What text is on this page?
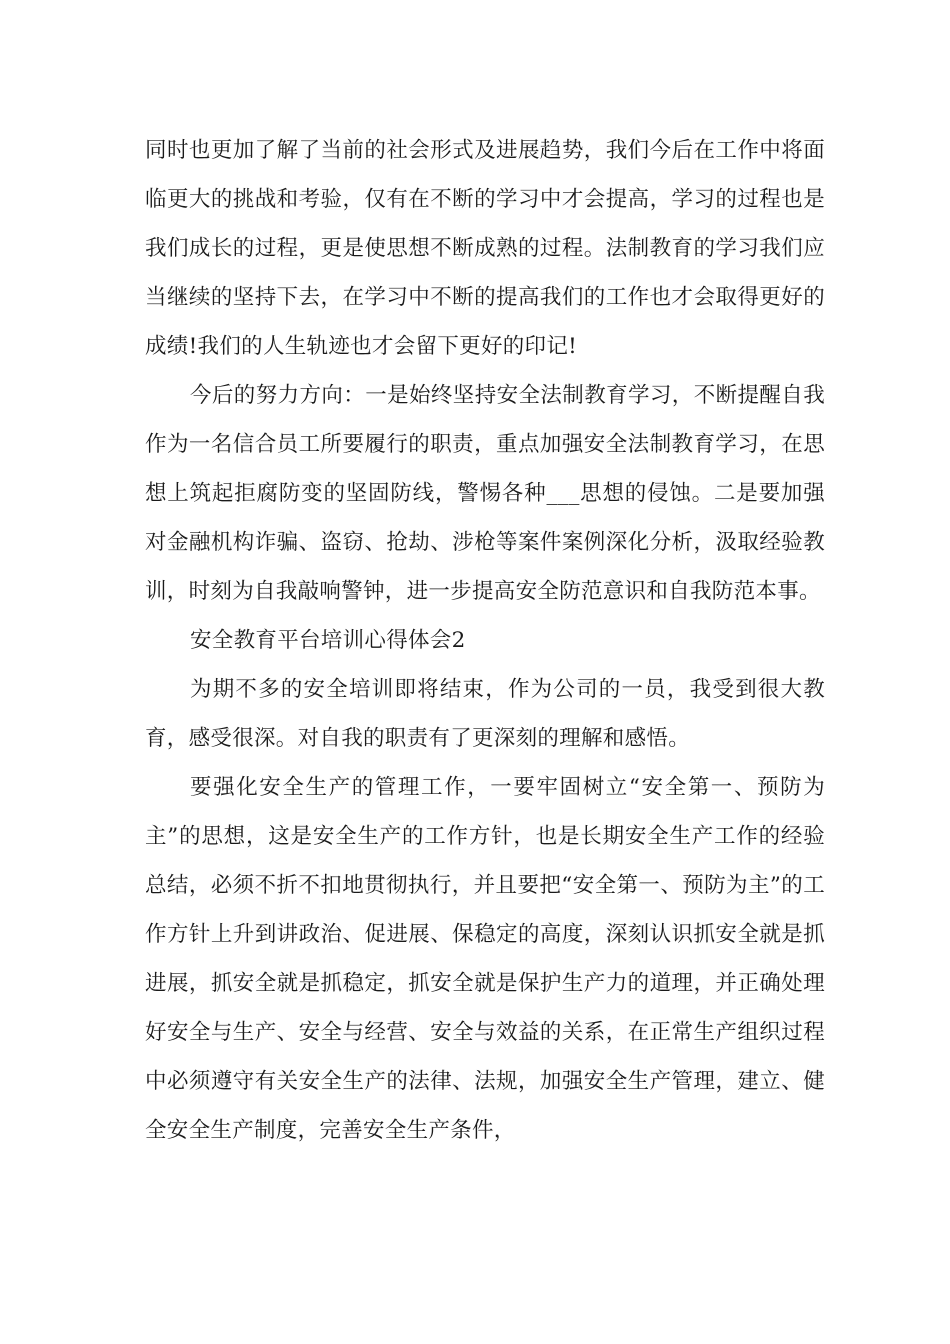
同时也更加了解了当前的社会形式及进展趋势，我们今后在工作中将面临更大的挑战和考验，仅有在不断的学习中才会提高，学习的过程也是我们成长的过程，更是使思想不断成熟的过程。法制教育的学习我们应当继续的坚持下去，在学习中不断的提高我们的工作也才会取得更好的成绩!我们的人生轨迹也才会留下更好的印记!

今后的努力方向：一是始终坚持安全法制教育学习，不断提醒自我作为一名信合员工所要履行的职责，重点加强安全法制教育学习，在思想上筑起拒腐防变的坚固防线，警惕各种___思想的侵蚀。二是要加强对金融机构诈骗、盗窃、抢劫、涉枪等案件案例深化分析，汲取经验教训，时刻为自我敲响警钟，进一步提高安全防范意识和自我防范本事。

安全教育平台培训心得体会2

为期不多的安全培训即将结束，作为公司的一员，我受到很大教育，感受很深。对自我的职责有了更深刻的理解和感悟。

要强化安全生产的管理工作，一要牢固树立“安全第一、预防为主”的思想，这是安全生产的工作方针，也是长期安全生产工作的经验总结，必须不折不扣地贯彻执行，并且要把“安全第一、预防为主”的工作方针上升到讲政治、促进展、保稳定的高度，深刻认识抓安全就是抓进展，抓安全就是抓稳定，抓安全就是保护生产力的道理，并正确处理好安全与生产、安全与经营、安全与效益的关系，在正常生产组织过程中必须遵守有关安全生产的法律、法规，加强安全生产管理，建立、健全安全生产制度，完善安全生产条件，
